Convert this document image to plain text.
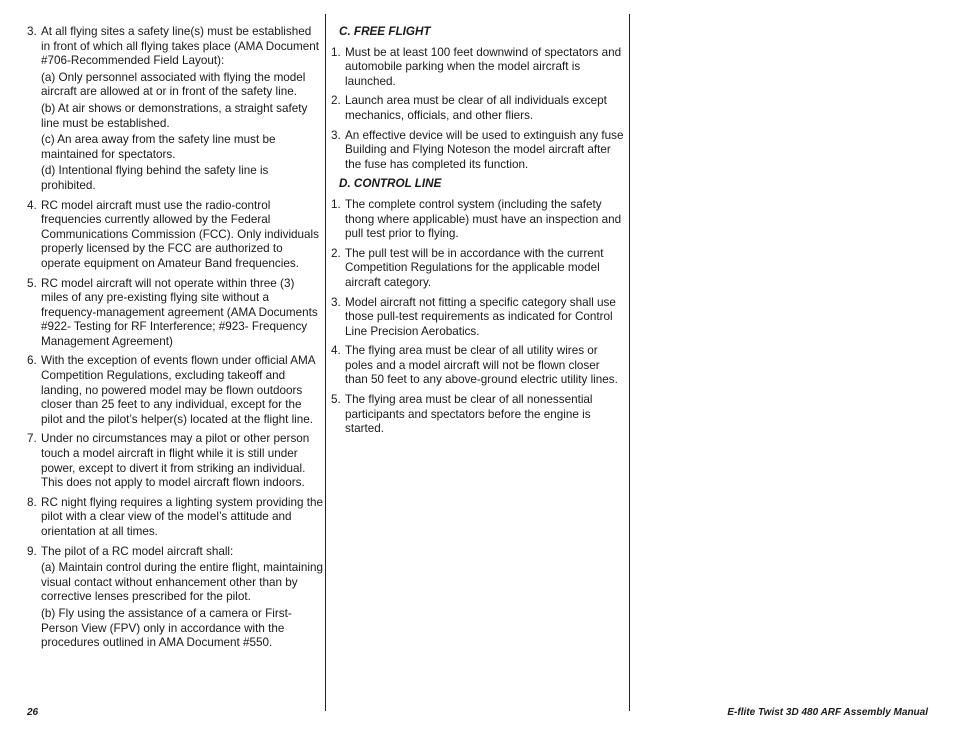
3. At all flying sites a safety line(s) must be established in front of which all flying takes place (AMA Document #706-Recommended Field Layout):
(a) Only personnel associated with flying the model aircraft are allowed at or in front of the safety line.
(b) At air shows or demonstrations, a straight safety line must be established.
(c) An area away from the safety line must be maintained for spectators.
(d) Intentional flying behind the safety line is prohibited.
4. RC model aircraft must use the radio-control frequencies currently allowed by the Federal Communications Commission (FCC). Only individuals properly licensed by the FCC are authorized to operate equipment on Amateur Band frequencies.
5. RC model aircraft will not operate within three (3) miles of any pre-existing flying site without a frequency-management agreement (AMA Documents #922- Testing for RF Interference; #923- Frequency Management Agreement)
6. With the exception of events flown under official AMA Competition Regulations, excluding takeoff and landing, no powered model may be flown outdoors closer than 25 feet to any individual, except for the pilot and the pilot’s helper(s) located at the flight line.
7. Under no circumstances may a pilot or other person touch a model aircraft in flight while it is still under power, except to divert it from striking an individual. This does not apply to model aircraft flown indoors.
8. RC night flying requires a lighting system providing the pilot with a clear view of the model’s attitude and orientation at all times.
9. The pilot of a RC model aircraft shall:
(a) Maintain control during the entire flight, maintaining visual contact without enhancement other than by corrective lenses prescribed for the pilot.
(b) Fly using the assistance of a camera or First-Person View (FPV) only in accordance with the procedures outlined in AMA Document #550.
C. FREE FLIGHT
1. Must be at least 100 feet downwind of spectators and automobile parking when the model aircraft is launched.
2. Launch area must be clear of all individuals except mechanics, officials, and other fliers.
3. An effective device will be used to extinguish any fuse Building and Flying Noteson the model aircraft after the fuse has completed its function.
D. CONTROL LINE
1. The complete control system (including the safety thong where applicable) must have an inspection and pull test prior to flying.
2. The pull test will be in accordance with the current Competition Regulations for the applicable model aircraft category.
3. Model aircraft not fitting a specific category shall use those pull-test requirements as indicated for Control Line Precision Aerobatics.
4. The flying area must be clear of all utility wires or poles and a model aircraft will not be flown closer than 50 feet to any above-ground electric utility lines.
5. The flying area must be clear of all nonessential participants and spectators before the engine is started.
26	E-flite Twist 3D 480 ARF Assembly Manual
